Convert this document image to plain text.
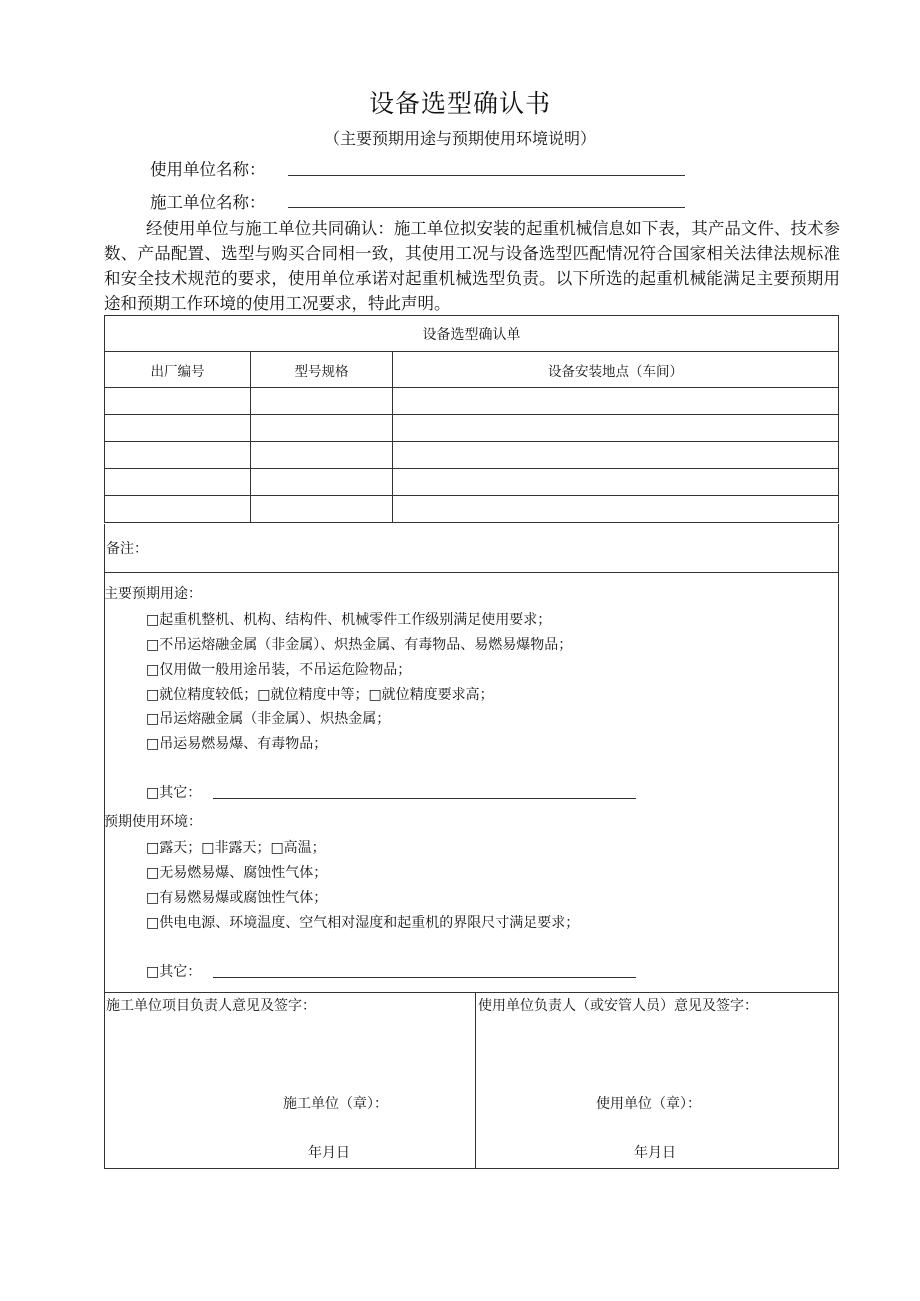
设备选型确认书
（主要预期用途与预期使用环境说明）
使用单位名称：
施工单位名称：

经使用单位与施工单位共同确认：施工单位拟安装的起重机械信息如下表，其产品文件、技术参数、产品配置、选型与购买合同相一致，其使用工况与设备选型匹配情况符合国家相关法律法规标准和安全技术规范的要求，使用单位承诺对起重机械选型负责。以下所选的起重机械能满足主要预期用途和预期工作环境的使用工况要求，特此声明。

设备选型确认单		
出厂编号	型号规格	设备安装地点（车间）

备注：
主要预期用途：
□起重机整机、机构、结构件、机械零件工作级别满足使用要求；
□不吊运熔融金属（非金属）、炽热金属、有毒物品、易燃易爆物品；
□仅用做一般用途吊装，不吊运危险物品；
□就位精度较低；□就位精度中等；□就位精度要求高；
□吊运熔融金属（非金属）、炽热金属；
□吊运易燃易爆、有毒物品；
□其它：
预期使用环境：
□露天；□非露天；□高温；
□无易燃易爆、腐蚀性气体；
□有易燃易爆或腐蚀性气体；
□供电电源、环境温度、空气相对湿度和起重机的界限尺寸满足要求；
□其它：
施工单位项目负责人意见及签字：
施工单位（章）：
年月日
使用单位负责人（或安管人员）意见及签字：
使用单位（章）：
年月日
